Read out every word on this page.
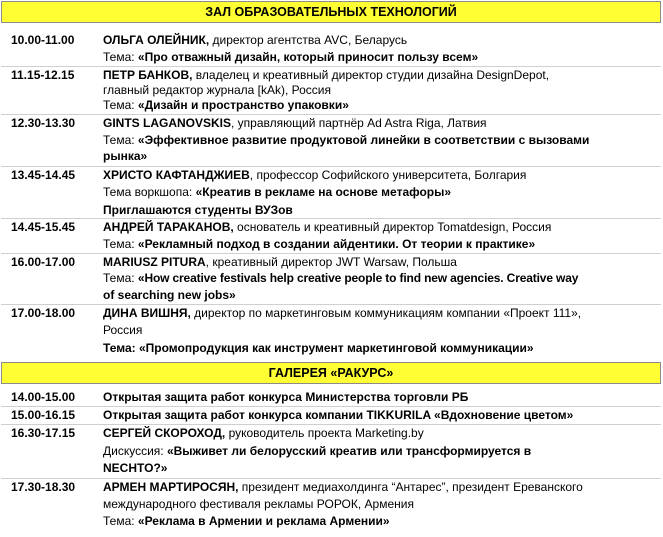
ЗАЛ ОБРАЗОВАТЕЛЬНЫХ ТЕХНОЛОГИЙ
10.00-11.00 ОЛЬГА ОЛЕЙНИК, директор агентства AVC, Беларусь
Тема: «Про отважный дизайн, который приносит пользу всем»
11.15-12.15 ПЕТР БАНКОВ, владелец и креативный директор студии дизайна DesignDepot,
главный редактор журнала [kAk), Россия
Тема: «Дизайн и пространство упаковки»
12.30-13.30 GINTS LAGANOVSKIS, управляющий партнёр Ad Astra Riga, Латвия
Тема: «Эффективное развитие продуктовой линейки в соответствии с вызовами
рынка»
13.45-14.45 ХРИСТО КАФТАНДЖИЕВ, профессор Софийского университета, Болгария
Тема воркшопа: «Креатив в рекламе на основе метафоры»
Приглашаются студенты ВУЗов
14.45-15.45 АНДРЕЙ ТАРАКАНОВ, основатель и креативный директор Tomatdesign, Россия
Тема: «Рекламный подход в создании айдентики. От теории к практике»
16.00-17.00 MARIUSZ PITURA, креативный директор JWT Warsaw, Польша
Тема: «How creative festivals help creative people to find new agencies. Creative way
of searching new jobs»
17.00-18.00 ДИНА ВИШНЯ, директор по маркетинговым коммуникациям компании «Проект 111»,
Россия
Тема: «Промопродукция как инструмент маркетинговой коммуникации»
ГАЛЕРЕЯ «РАКУРС»
14.00-15.00 Открытая защита работ конкурса Министерства торговли РБ
15.00-16.15 Открытая защита работ конкурса компании TIKKURILA «Вдохновение цветом»
16.30-17.15 СЕРГЕЙ СКОРОХОД, руководитель проекта Marketing.by
Дискуссия: «Выживет ли белорусский креатив или трансформируется в
NECHTO?»
17.30-18.30 АРМЕН МАРТИРОСЯН, президент медиахолдинга “Антарес”, президент Ереванского
международного фестиваля рекламы РОРОК, Армения
Тема: «Реклама в Армении и реклама Армении»
